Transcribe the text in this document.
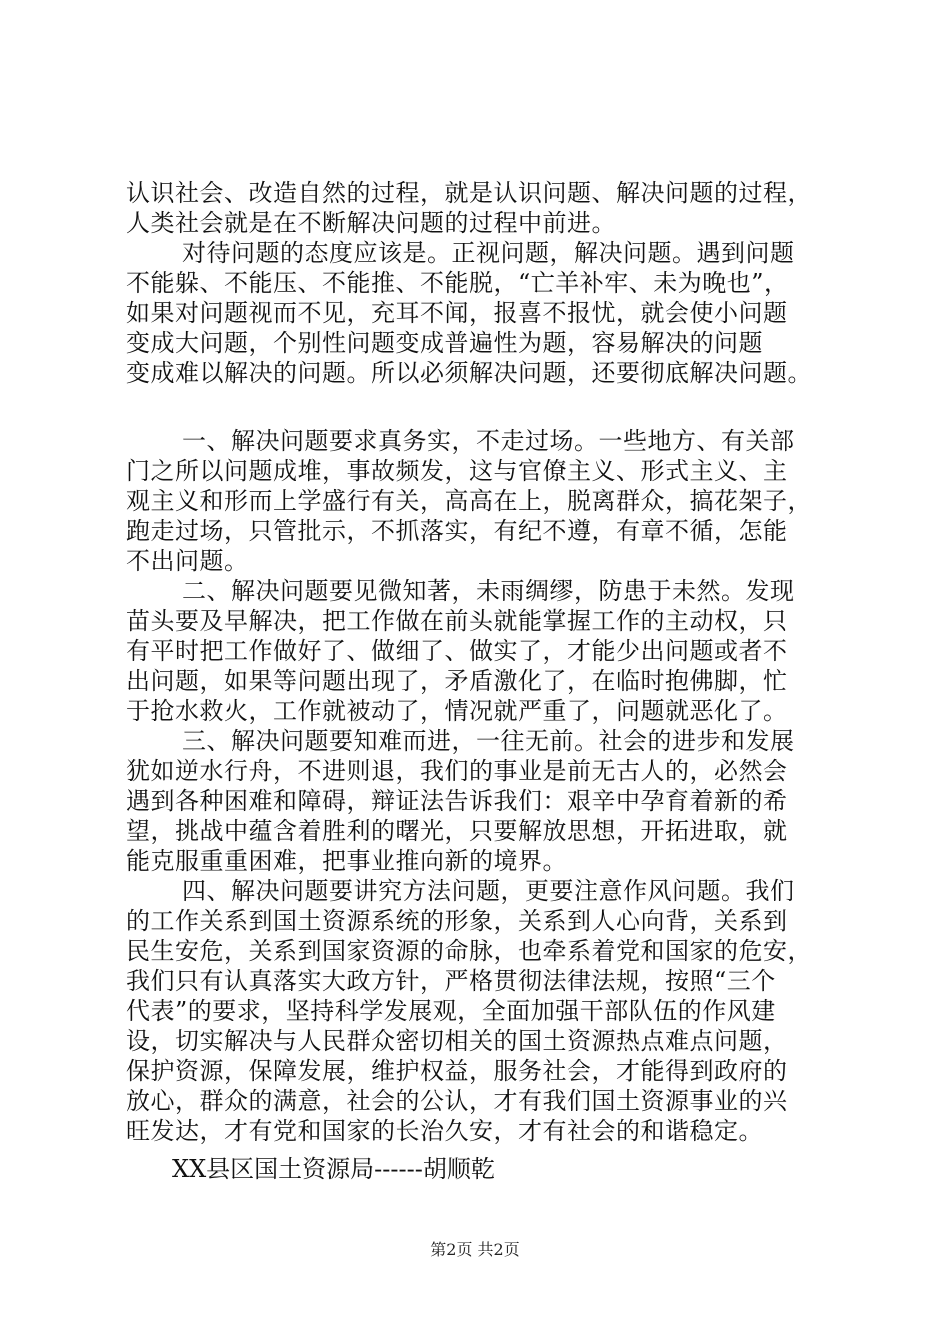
认识社会、改造自然的过程，就是认识问题、解决问题的过程，
人类社会就是在不断解决问题的过程中前进。
对待问题的态度应该是。正视问题，解决问题。遇到问题
不能躲、不能压、不能推、不能脱，“亡羊补牢、未为晚也”，
如果对问题视而不见，充耳不闻，报喜不报忧，就会使小问题
变成大问题，个别性问题变成普遍性为题，容易解决的问题
变成难以解决的问题。所以必须解决问题，还要彻底解决问题。
一、解决问题要求真务实，不走过场。一些地方、有关部
门之所以问题成堆，事故频发，这与官僚主义、形式主义、主
观主义和形而上学盛行有关，高高在上，脱离群众，搞花架子，
跑走过场，只管批示，不抓落实，有纪不遵，有章不循，怎能
不出问题。
二、解决问题要见微知著，未雨绸缪，防患于未然。发现
苗头要及早解决，把工作做在前头就能掌握工作的主动权，只
有平时把工作做好了、做细了、做实了，才能少出问题或者不
出问题，如果等问题出现了，矛盾激化了，在临时抱佛脚，忙
于抢水救火，工作就被动了，情况就严重了，问题就恶化了。
三、解决问题要知难而进，一往无前。社会的进步和发展
犹如逆水行舟，不进则退，我们的事业是前无古人的，必然会
遇到各种困难和障碍，辩证法告诉我们：艰辛中孕育着新的希
望，挑战中蕴含着胜利的曙光，只要解放思想，开拓进取，就
能克服重重困难，把事业推向新的境界。
四、解决问题要讲究方法问题，更要注意作风问题。我们
的工作关系到国土资源系统的形象，关系到人心向背，关系到
民生安危，关系到国家资源的命脉，也牵系着党和国家的危安，
我们只有认真落实大政方针，严格贯彻法律法规，按照“三个
代表”的要求，坚持科学发展观，全面加强干部队伍的作风建
设，切实解决与人民群众密切相关的国土资源热点难点问题，
保护资源，保障发展，维护权益，服务社会，才能得到政府的
放心，群众的满意，社会的公认，才有我们国土资源事业的兴
旺发达，才有党和国家的长治久安，才有社会的和谐稳定。
XX县区国土资源局------胡顺乾
第2页 共2页
